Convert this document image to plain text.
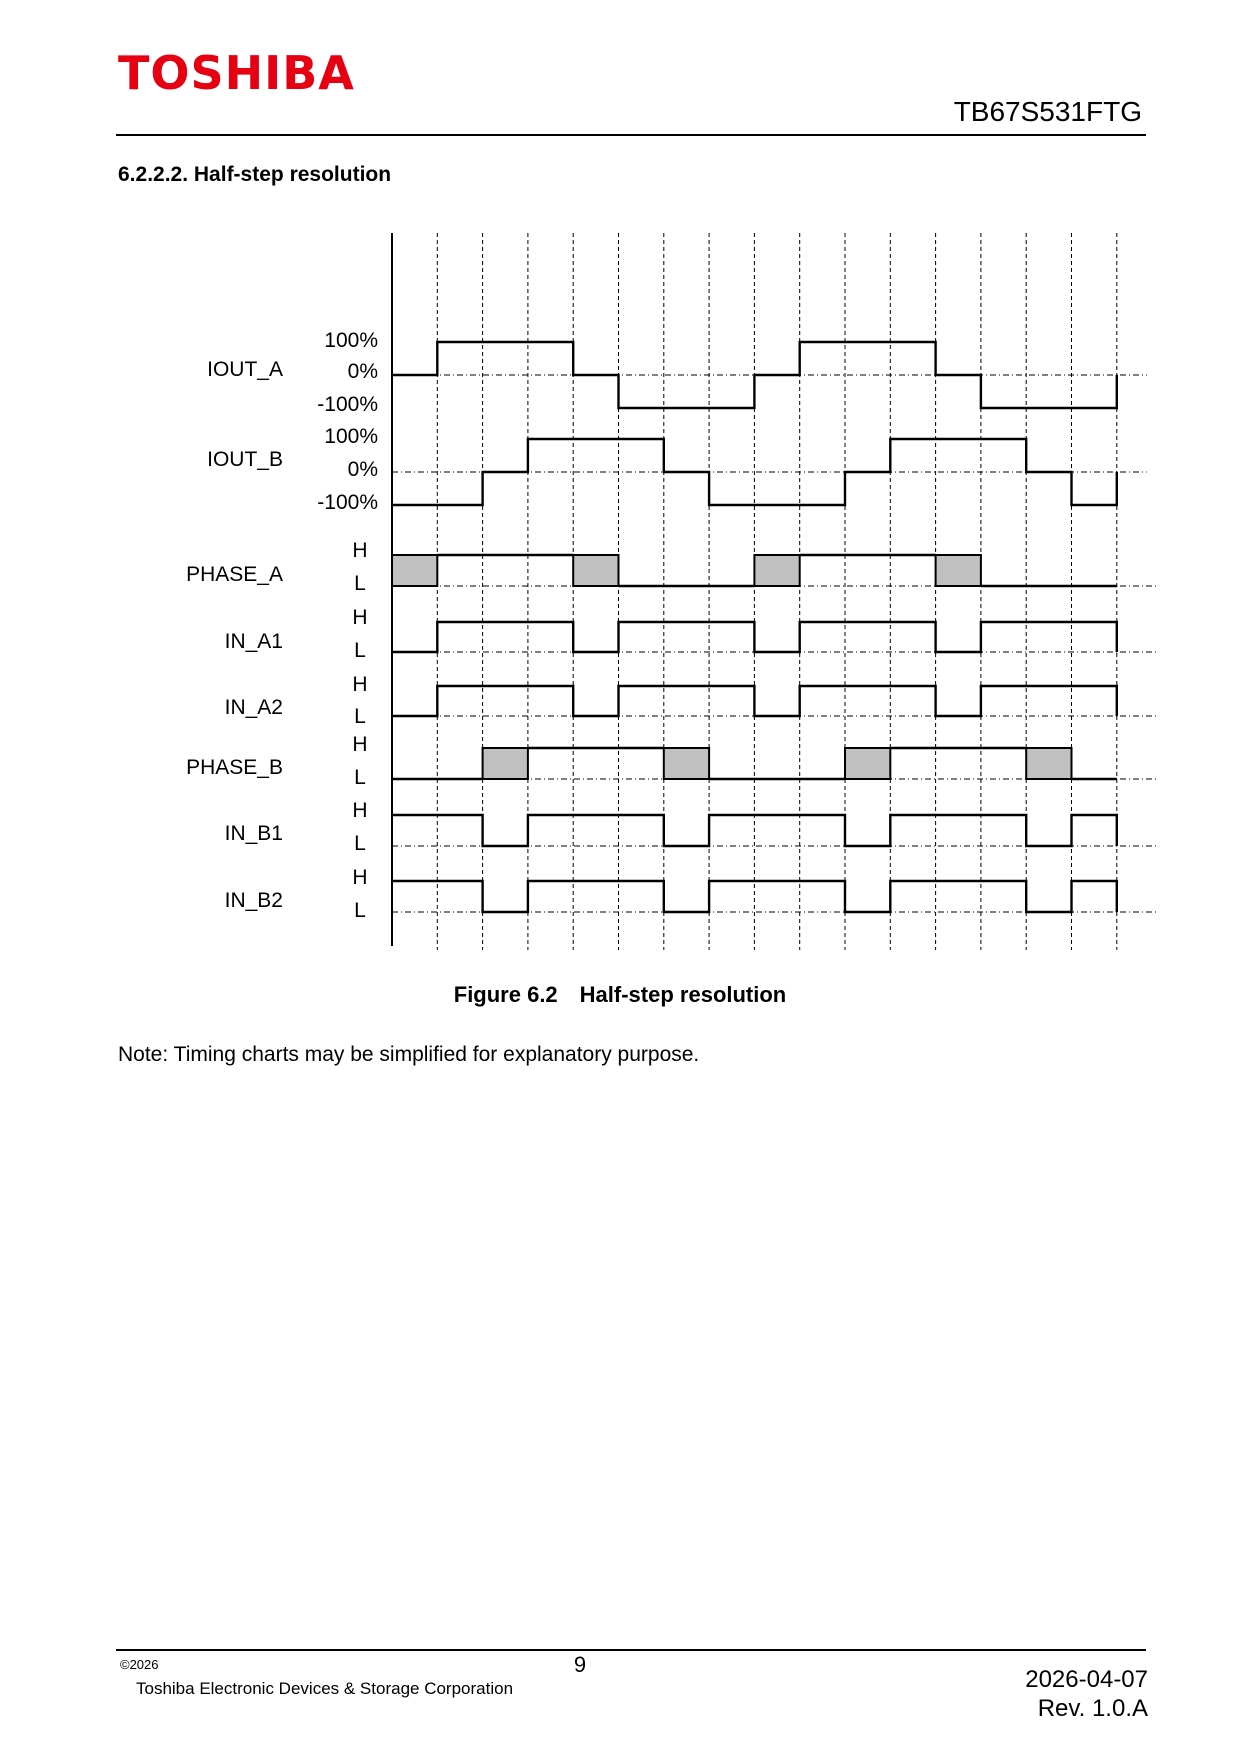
TOSHIBA
TB67S531FTG
6.2.2.2. Half-step resolution
IOUT_A
100%
0%
-100%
IOUT_B
100%
0%
-100%
PHASE_A
H
L
IN_A1
H
L
IN_A2
H
L
PHASE_B
H
L
IN_B1
H
L
IN_B2
H
L
Figure 6.2 Half-step resolution
Note: Timing charts may be simplified for explanatory purpose.
©2026
Toshiba Electronic Devices & Storage Corporation
9
2026-04-07
Rev. 1.0.A
